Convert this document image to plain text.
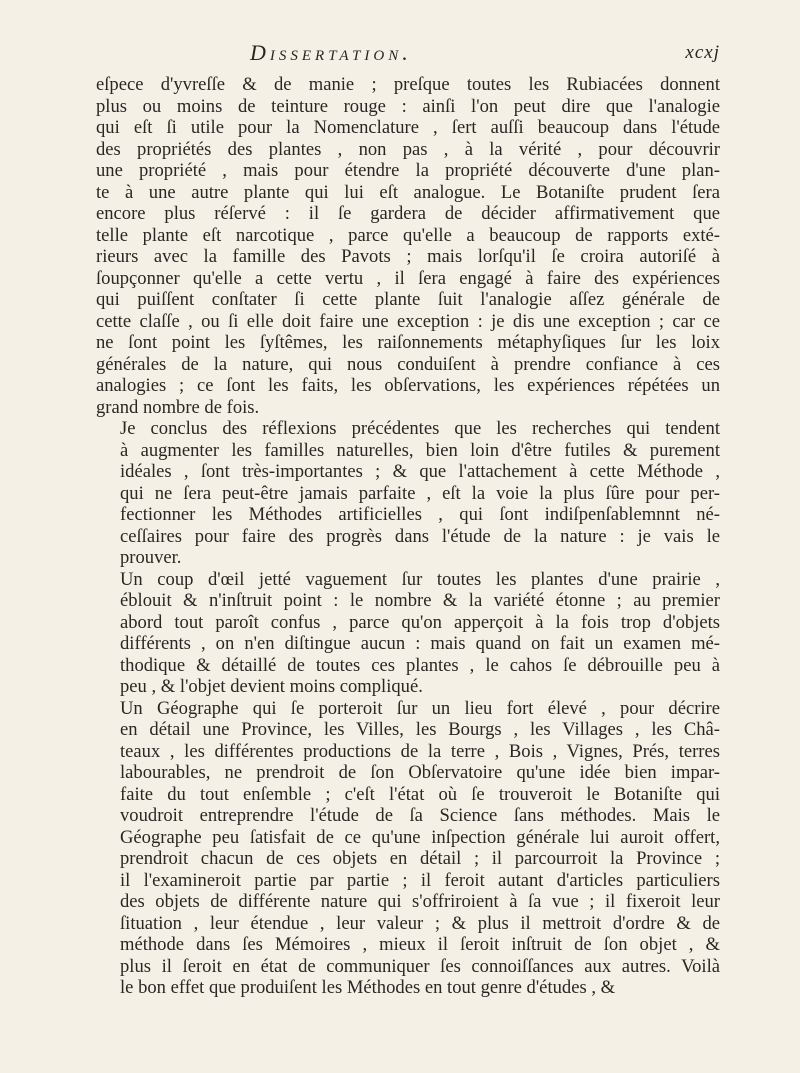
Dissertation.	xcxj

eſpece d'yvreſſe & de manie ; preſque toutes les Rubiacées donnent
plus ou moins de teinture rouge : ainſi l'on peut dire que l'analogie
qui eſt ſi utile pour la Nomenclature , ſert auſſi beaucoup dans l'étude
des propriétés des plantes , non pas , à la vérité , pour découvrir
une propriété , mais pour étendre la propriété découverte d'une plan-
te à une autre plante qui lui eſt analogue. Le Botaniſte prudent ſera
encore plus réſervé : il ſe gardera de décider affirmativement que
telle plante eſt narcotique , parce qu'elle a beaucoup de rapports exté-
rieurs avec la famille des Pavots ; mais lorſqu'il ſe croira autoriſé à
ſoupçonner qu'elle a cette vertu , il ſera engagé à faire des expériences
qui puiſſent conſtater ſi cette plante ſuit l'analogie aſſez générale de
cette claſſe , ou ſi elle doit faire une exception : je dis une exception ; car ce
ne ſont point les ſyſtêmes, les raiſonnements métaphyſiques ſur les loix
générales de la nature, qui nous conduiſent à prendre confiance à ces
analogies ; ce ſont les faits, les obſervations, les expériences répétées un
grand nombre de fois.

Je conclus des réflexions précédentes que les recherches qui tendent
à augmenter les familles naturelles, bien loin d'être futiles & purement
idéales , ſont très-importantes ; & que l'attachement à cette Méthode ,
qui ne ſera peut-être jamais parfaite , eſt la voie la plus ſûre pour per-
fectionner les Méthodes artificielles , qui ſont indiſpenſablemnnt né-
ceſſaires pour faire des progrès dans l'étude de la nature : je vais le
prouver.

Un coup d'œil jetté vaguement ſur toutes les plantes d'une prairie ,
éblouit & n'inſtruit point : le nombre & la variété étonne ; au premier
abord tout paroît confus , parce qu'on apperçoit à la fois trop d'objets
différents , on n'en diſtingue aucun : mais quand on fait un examen mé-
thodique & détaillé de toutes ces plantes , le cahos ſe débrouille peu à
peu , & l'objet devient moins compliqué.

Un Géographe qui ſe porteroit ſur un lieu fort élevé , pour décrire
en détail une Province, les Villes, les Bourgs , les Villages , les Châ-
teaux , les différentes productions de la terre , Bois , Vignes, Prés, terres
labourables, ne prendroit de ſon Obſervatoire qu'une idée bien impar-
faite du tout enſemble ; c'eſt l'état où ſe trouveroit le Botaniſte qui
voudroit entreprendre l'étude de ſa Science ſans méthodes. Mais le
Géographe peu ſatisfait de ce qu'une inſpection générale lui auroit offert,
prendroit chacun de ces objets en détail ; il parcourroit la Province ;
il l'examineroit partie par partie ; il feroit autant d'articles particuliers
des objets de différente nature qui s'offriroient à ſa vue ; il fixeroit leur
ſituation , leur étendue , leur valeur ; & plus il mettroit d'ordre & de
méthode dans ſes Mémoires , mieux il ſeroit inſtruit de ſon objet , &
plus il ſeroit en état de communiquer ſes connoiſſances aux autres. Voilà
le bon effet que produiſent les Méthodes en tout genre d'études , &
